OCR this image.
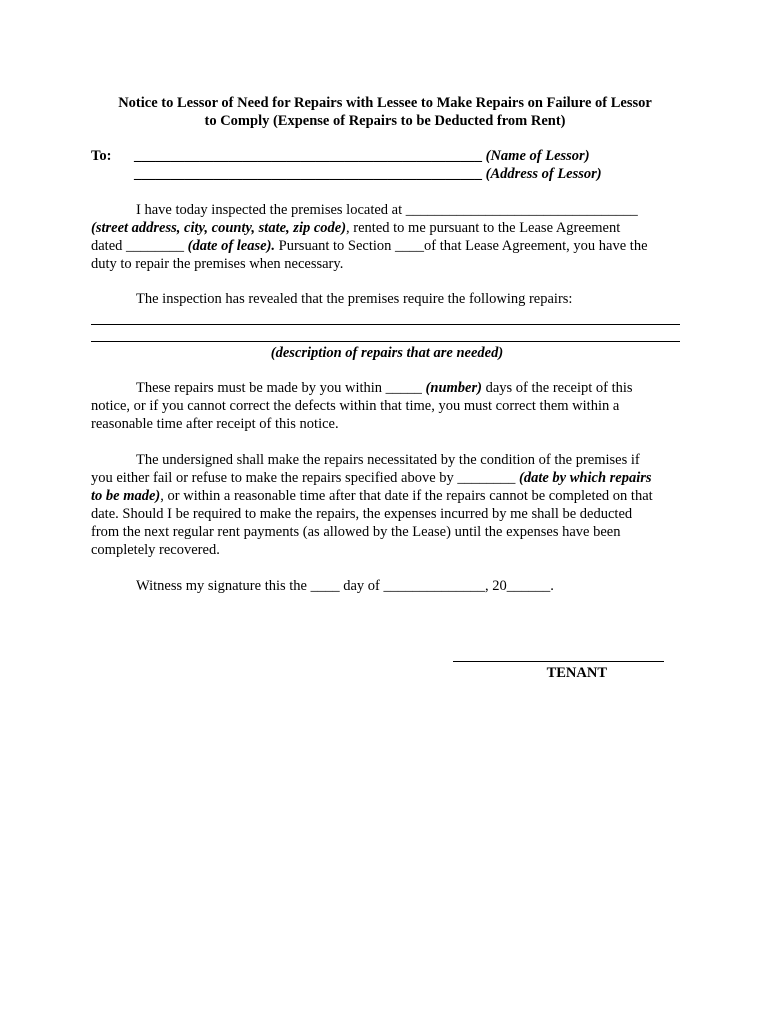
Notice to Lessor of Need for Repairs with Lessee to Make Repairs on Failure of Lessor
to Comply (Expense of Repairs to be Deducted from Rent)
To: ________________________________________________ (Name of Lessor)
________________________________________________ (Address of Lessor)
I have today inspected the premises located at ________________________________
(street address, city, county, state, zip code), rented to me pursuant to the Lease Agreement
dated ________ (date of lease). Pursuant to Section ____of that Lease Agreement, you have the
duty to repair the premises when necessary.
The inspection has revealed that the premises require the following repairs:
(description of repairs that are needed)
These repairs must be made by you within _____ (number) days of the receipt of this
notice, or if you cannot correct the defects within that time, you must correct them within a
reasonable time after receipt of this notice.
The undersigned shall make the repairs necessitated by the condition of the premises if
you either fail or refuse to make the repairs specified above by ________ (date by which repairs
to be made), or within a reasonable time after that date if the repairs cannot be completed on that
date. Should I be required to make the repairs, the expenses incurred by me shall be deducted
from the next regular rent payments (as allowed by the Lease) until the expenses have been
completely recovered.
Witness my signature this the ____ day of ______________, 20______.
TENANT
